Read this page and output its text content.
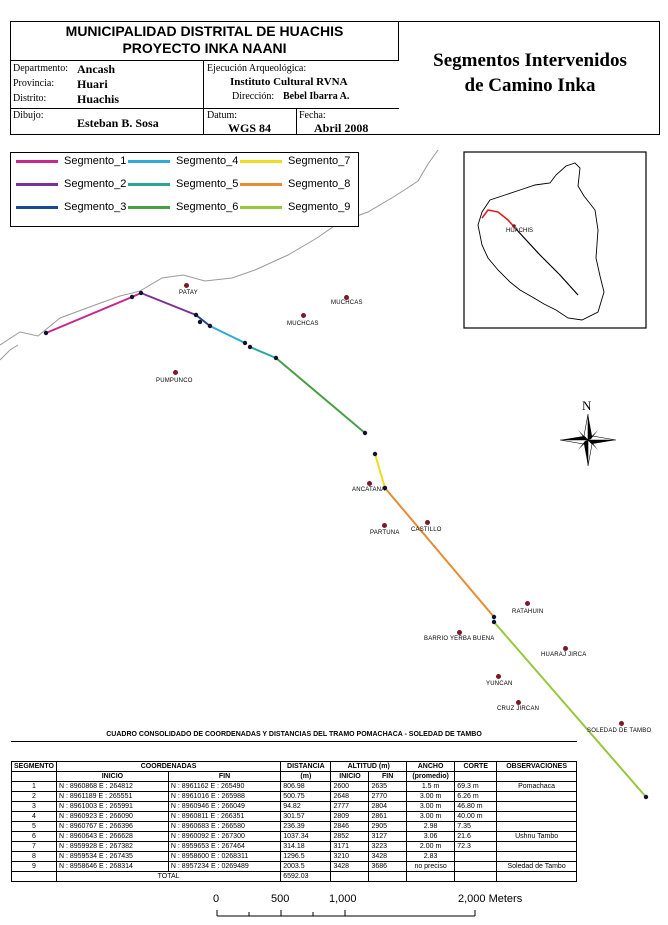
MUNICIPALIDAD DISTRITAL DE HUACHIS
PROYECTO INKA NAANI
Segmentos Intervenidos
de Camino Inka
Departmento: Ancash
Provincia: Huari
Distrito:	Huachis
Ejecución Arqueológica:
Instituto Cultural RVNA
Dirección: Bebel Ibarra A.
Dibujo:
Esteban B. Sosa
Datum:
WGS 84
Fecha:
Abril 2008
Segmento_1
Segmento_2
Segmento_3
Segmento_4
Segmento_5
Segmento_6
Segmento_7
Segmento_8
Segmento_9
HUACHIS
N
PATAY
MUCHCAS
MUCHCAS
PUMPUNCO
ANCATANA
PARTUNA CASTILLO
RATAHUIN
BARRIO YERBA BUENA
HUARAJ JIRCA
YUNCAN
CRUZ JIRCAN
SOLEDAD DE TAMBO
CUADRO CONSOLIDADO DE COORDENADAS Y DISTANCIAS DEL TRAMO POMACHACA - SOLEDAD DE TAMBO
SEGMENTO	COORDENADAS		DISTANCIA	ALTITUD (m)		ANCHO	CORTE	OBSERVACIONES
	INICIO	FIN	(m)	INICIO	FIN	(promedio)		
1	N : 8960868 E : 264812	N : 8961162 E : 265490	806.98	2600	2635	1.5 m	69.3 m	Pomachaca
2	N : 8961189 E : 265551	N : 8961016 E : 265988	500.75	2648	2770	3.00 m	6.26 m	
3	N : 8961003 E : 265991	N : 8960946 E : 266049	94.82	2777	2804	3.00 m	46.80 m	
4	N : 8960923 E : 266090	N : 8960811 E : 266351	301.57	2809	2861	3.00 m	40.00 m	
5	N : 8960767 E : 266396	N : 8960683 E : 266580	236.39	2846	2905	2.98	7.35	
6	N : 8960643 E : 266628	N : 8960092 E : 267300	1037.34	2852	3127	3.06	21.6	Ushnu Tambo
7	N : 8959928 E : 267382	N : 8959653 E : 267464	314.18	3171	3223	2.00 m	72.3	
8	N : 8959534 E : 267435	N : 8958600 E : 0268311	1296.5	3210	3428	2.83		
9	N : 8958646 E : 268314	N : 8957234 E : 0269489	2003.5	3428	3686	no preciso		Soledad de Tambo
	TOTAL		6592.03					
0	500	1,000	2,000 Meters
